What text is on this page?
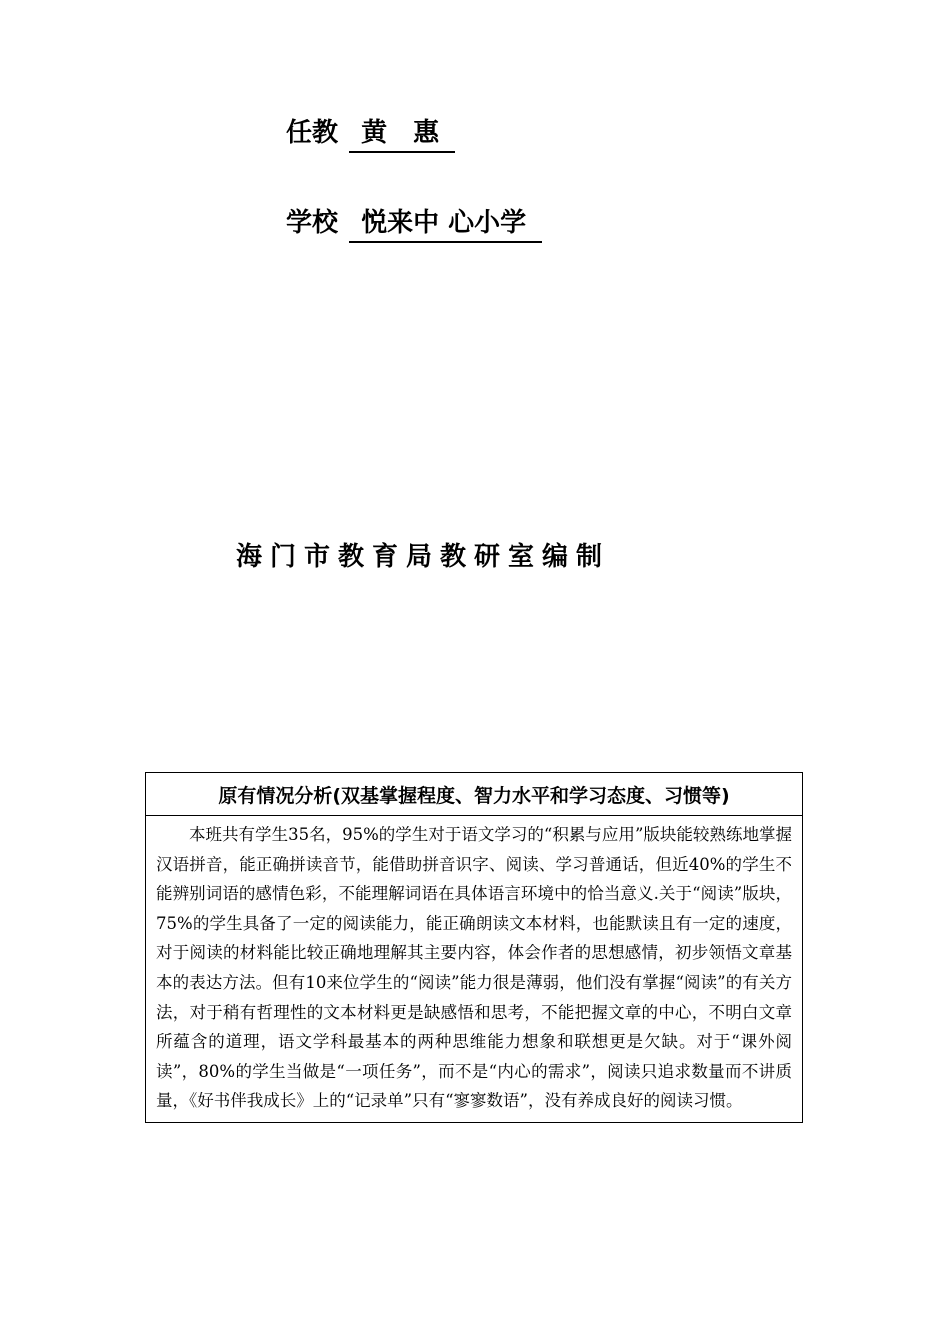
任教 黄　惠
学校 悦来中 心小学
海门市教育局教研室编制
原有情况分析(双基掌握程度、智力水平和学习态度、习惯等)
本班共有学生35名，95%的学生对于语文学习的“积累与应用”版块能较熟练地掌握汉语拼音，能正确拼读音节，能借助拼音识字、阅读、学习普通话，但近40%的学生不能辨别词语的感情色彩，不能理解词语在具体语言环境中的恰当意义.关于“阅读”版块，75%的学生具备了一定的阅读能力，能正确朗读文本材料，也能默读且有一定的速度，对于阅读的材料能比较正确地理解其主要内容，体会作者的思想感情，初步领悟文章基本的表达方法。但有10来位学生的“阅读”能力很是薄弱，他们没有掌握“阅读”的有关方法，对于稍有哲理性的文本材料更是缺感悟和思考，不能把握文章的中心，不明白文章所蕴含的道理，语文学科最基本的两种思维能力想象和联想更是欠缺。对于“课外阅读”，80%的学生当做是“一项任务”，而不是“内心的需求”，阅读只追求数量而不讲质量，《好书伴我成长》上的“记录单”只有“寥寥数语”，没有养成良好的阅读习惯。
